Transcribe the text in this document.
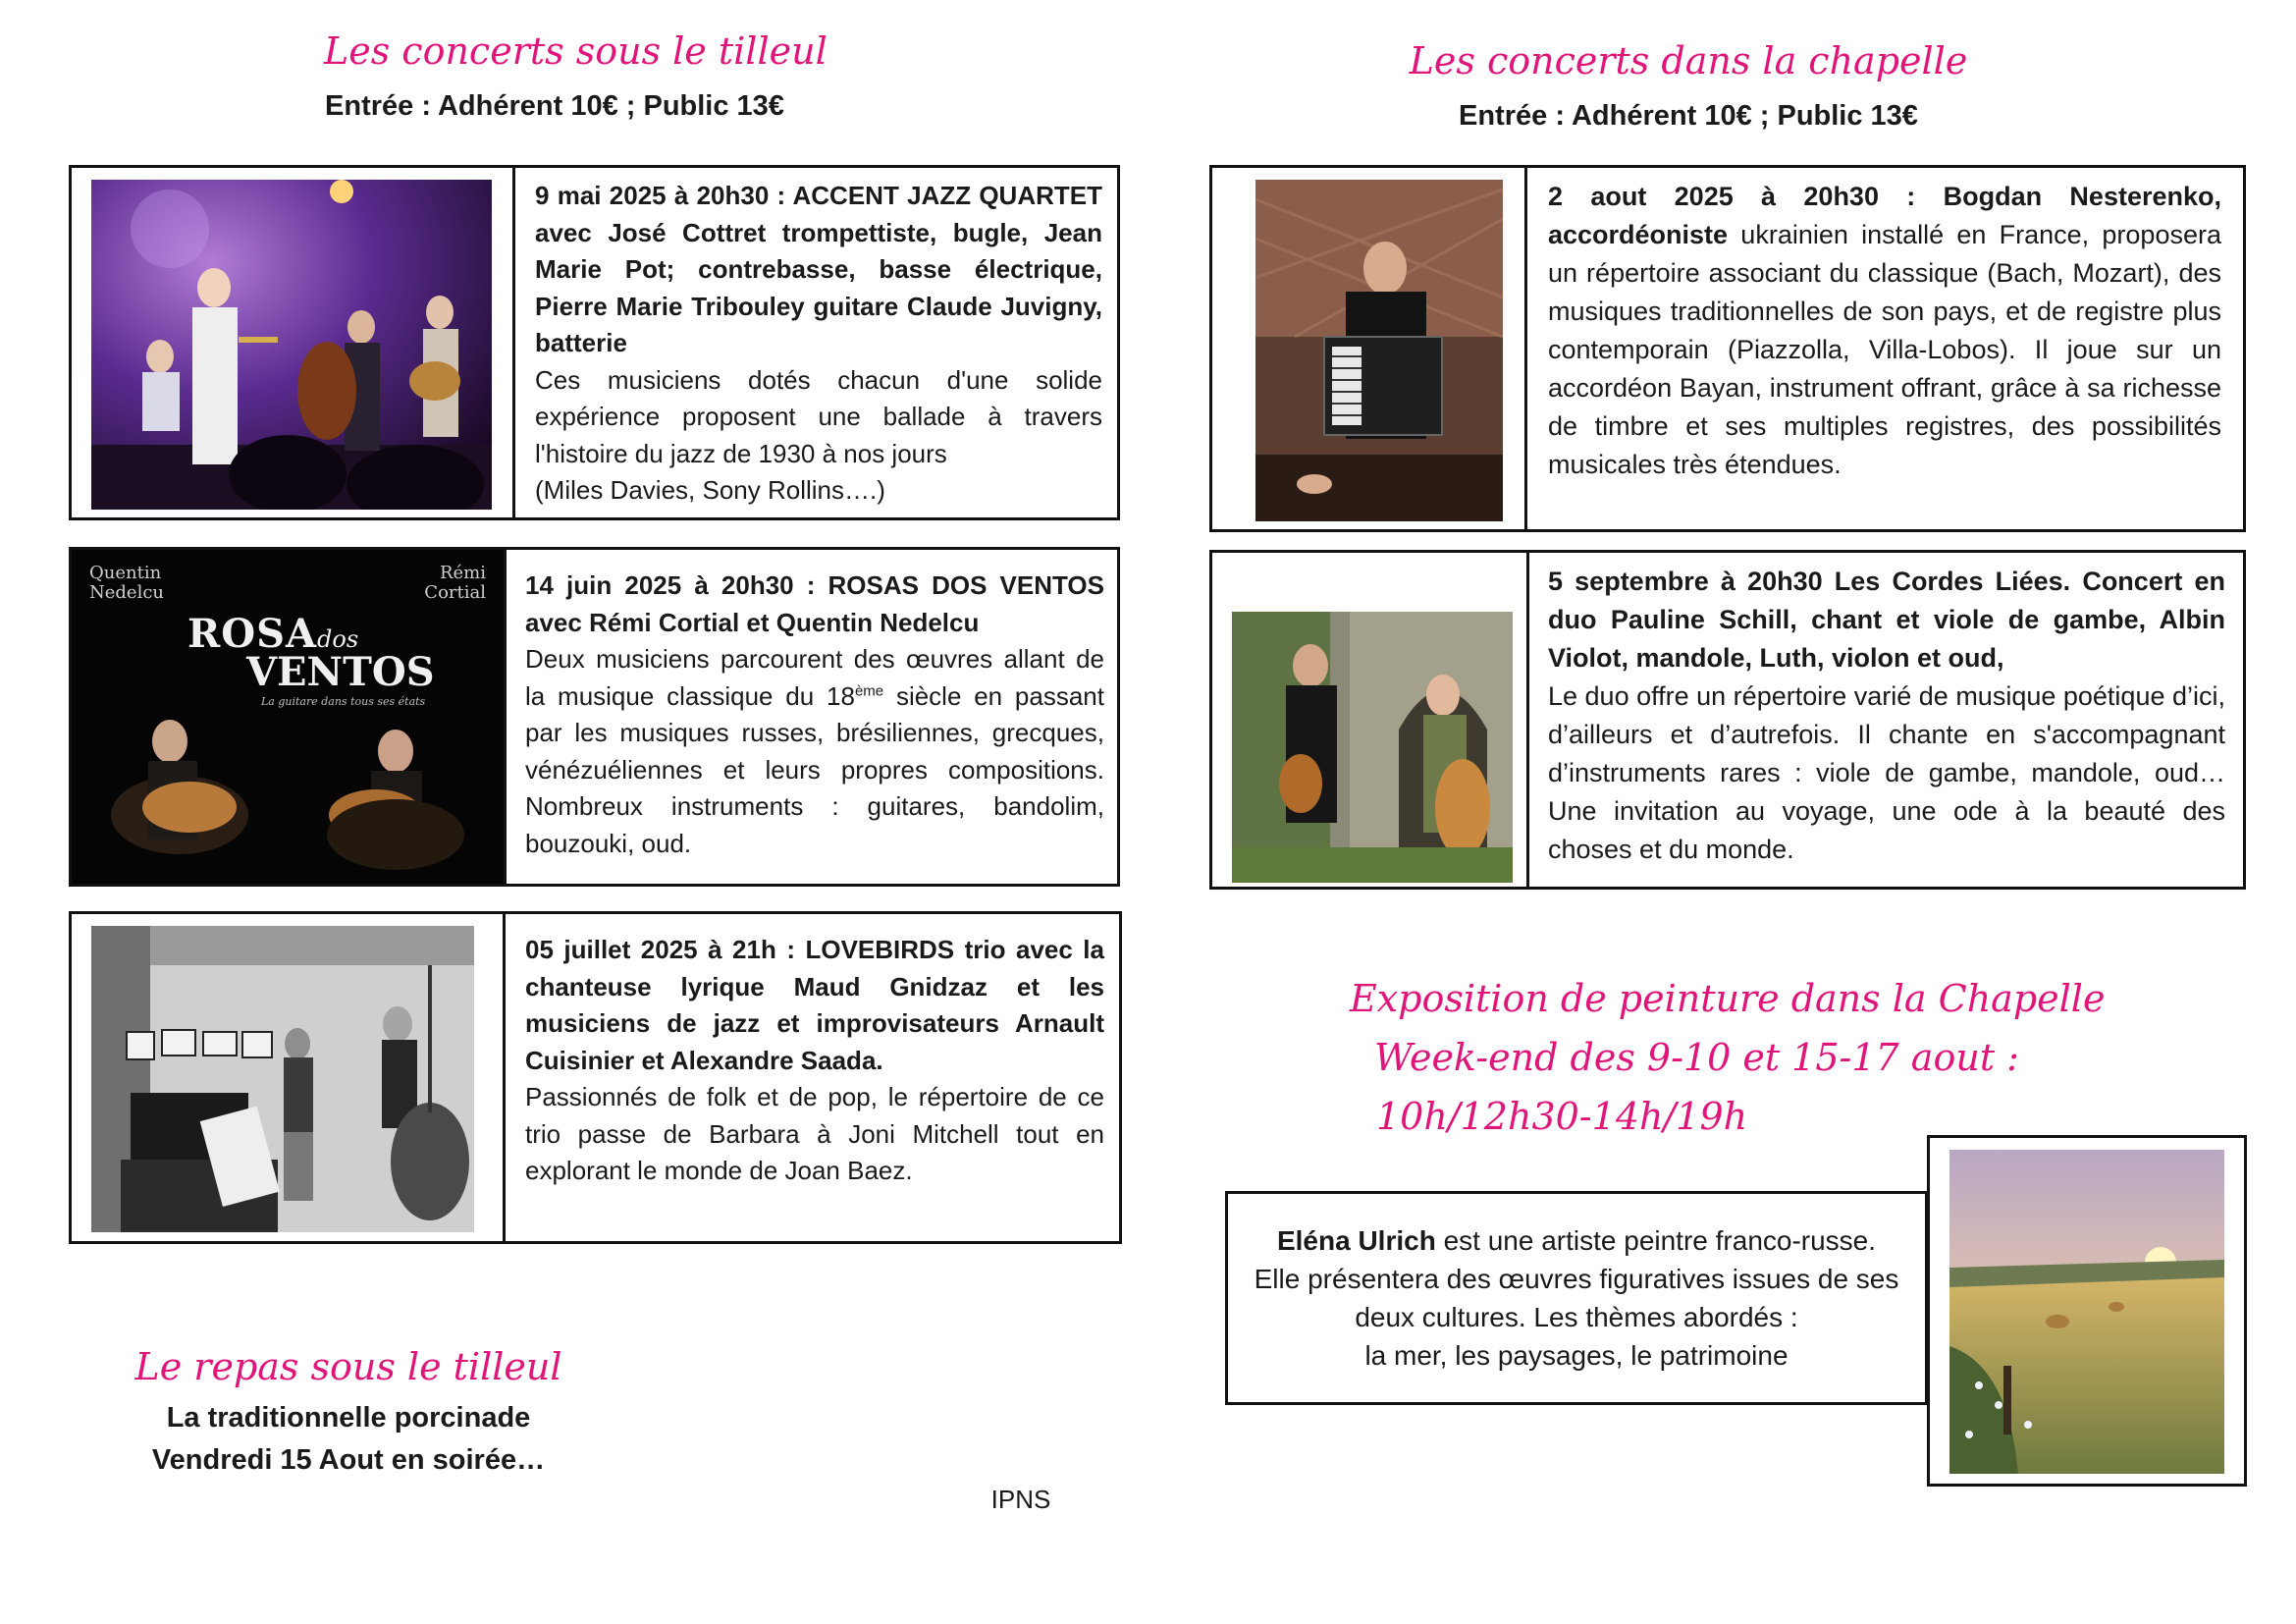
Les concerts sous le tilleul
Entrée : Adhérent 10€ ; Public 13€

9 mai 2025 à 20h30 : ACCENT JAZZ QUARTET avec José Cottret trompettiste, bugle, Jean Marie Pot; contrebasse, basse électrique, Pierre Marie Tribouley guitare Claude Juvigny, batterie

Ces musiciens dotés chacun d'une solide expérience proposent une ballade à travers l'histoire du jazz de 1930 à nos jours

(Miles Davies, Sony Rollins….)

Quentin
Nedelcu
Rémi
Cortial
ROSAdos
VENTOS
La guitare dans tous ses états

14 juin 2025 à 20h30 : ROSAS DOS VENTOS avec Rémi Cortial et Quentin Nedelcu

Deux musiciens parcourent des œuvres allant de la musique classique du 18ème siècle en passant par les musiques russes, brésiliennes, grecques, vénézuéliennes et leurs propres compositions. Nombreux instruments : guitares, bandolim, bouzouki, oud.

05 juillet 2025 à 21h : LOVEBIRDS trio avec la chanteuse lyrique Maud Gnidzaz et les musiciens de jazz et improvisateurs Arnault Cuisinier et Alexandre Saada.

Passionnés de folk et de pop, le répertoire de ce trio passe de Barbara à Joni Mitchell tout en explorant le monde de Joan Baez.

Le repas sous le tilleul
La traditionnelle porcinade
Vendredi 15 Aout en soirée…
IPNS
Les concerts dans la chapelle
Entrée : Adhérent 10€ ; Public 13€

2 aout 2025 à 20h30 : Bogdan Nesterenko, accordéoniste ukrainien installé en France, proposera un répertoire associant du classique (Bach, Mozart), des musiques traditionnelles de son pays, et de registre plus contemporain (Piazzolla, Villa-Lobos). Il joue sur un accordéon Bayan, instrument offrant, grâce à sa richesse de timbre et ses multiples registres, des possibilités musicales très étendues.

5 septembre à 20h30 Les Cordes Liées. Concert en duo Pauline Schill, chant et viole de gambe, Albin Violot, mandole, Luth, violon et oud,

Le duo offre un répertoire varié de musique poétique d’ici, d’ailleurs et d’autrefois. Il chante en s'accompagnant d’instruments rares : viole de gambe, mandole, oud… Une invitation au voyage, une ode à la beauté des choses et du monde.

Exposition de peinture dans la Chapelle
Week-end des 9-10 et 15-17 aout :
10h/12h30-14h/19h
Eléna Ulrich est une artiste peintre franco-russe.
Elle présentera des œuvres figuratives issues de ses deux cultures. Les thèmes abordés :
la mer, les paysages, le patrimoine
